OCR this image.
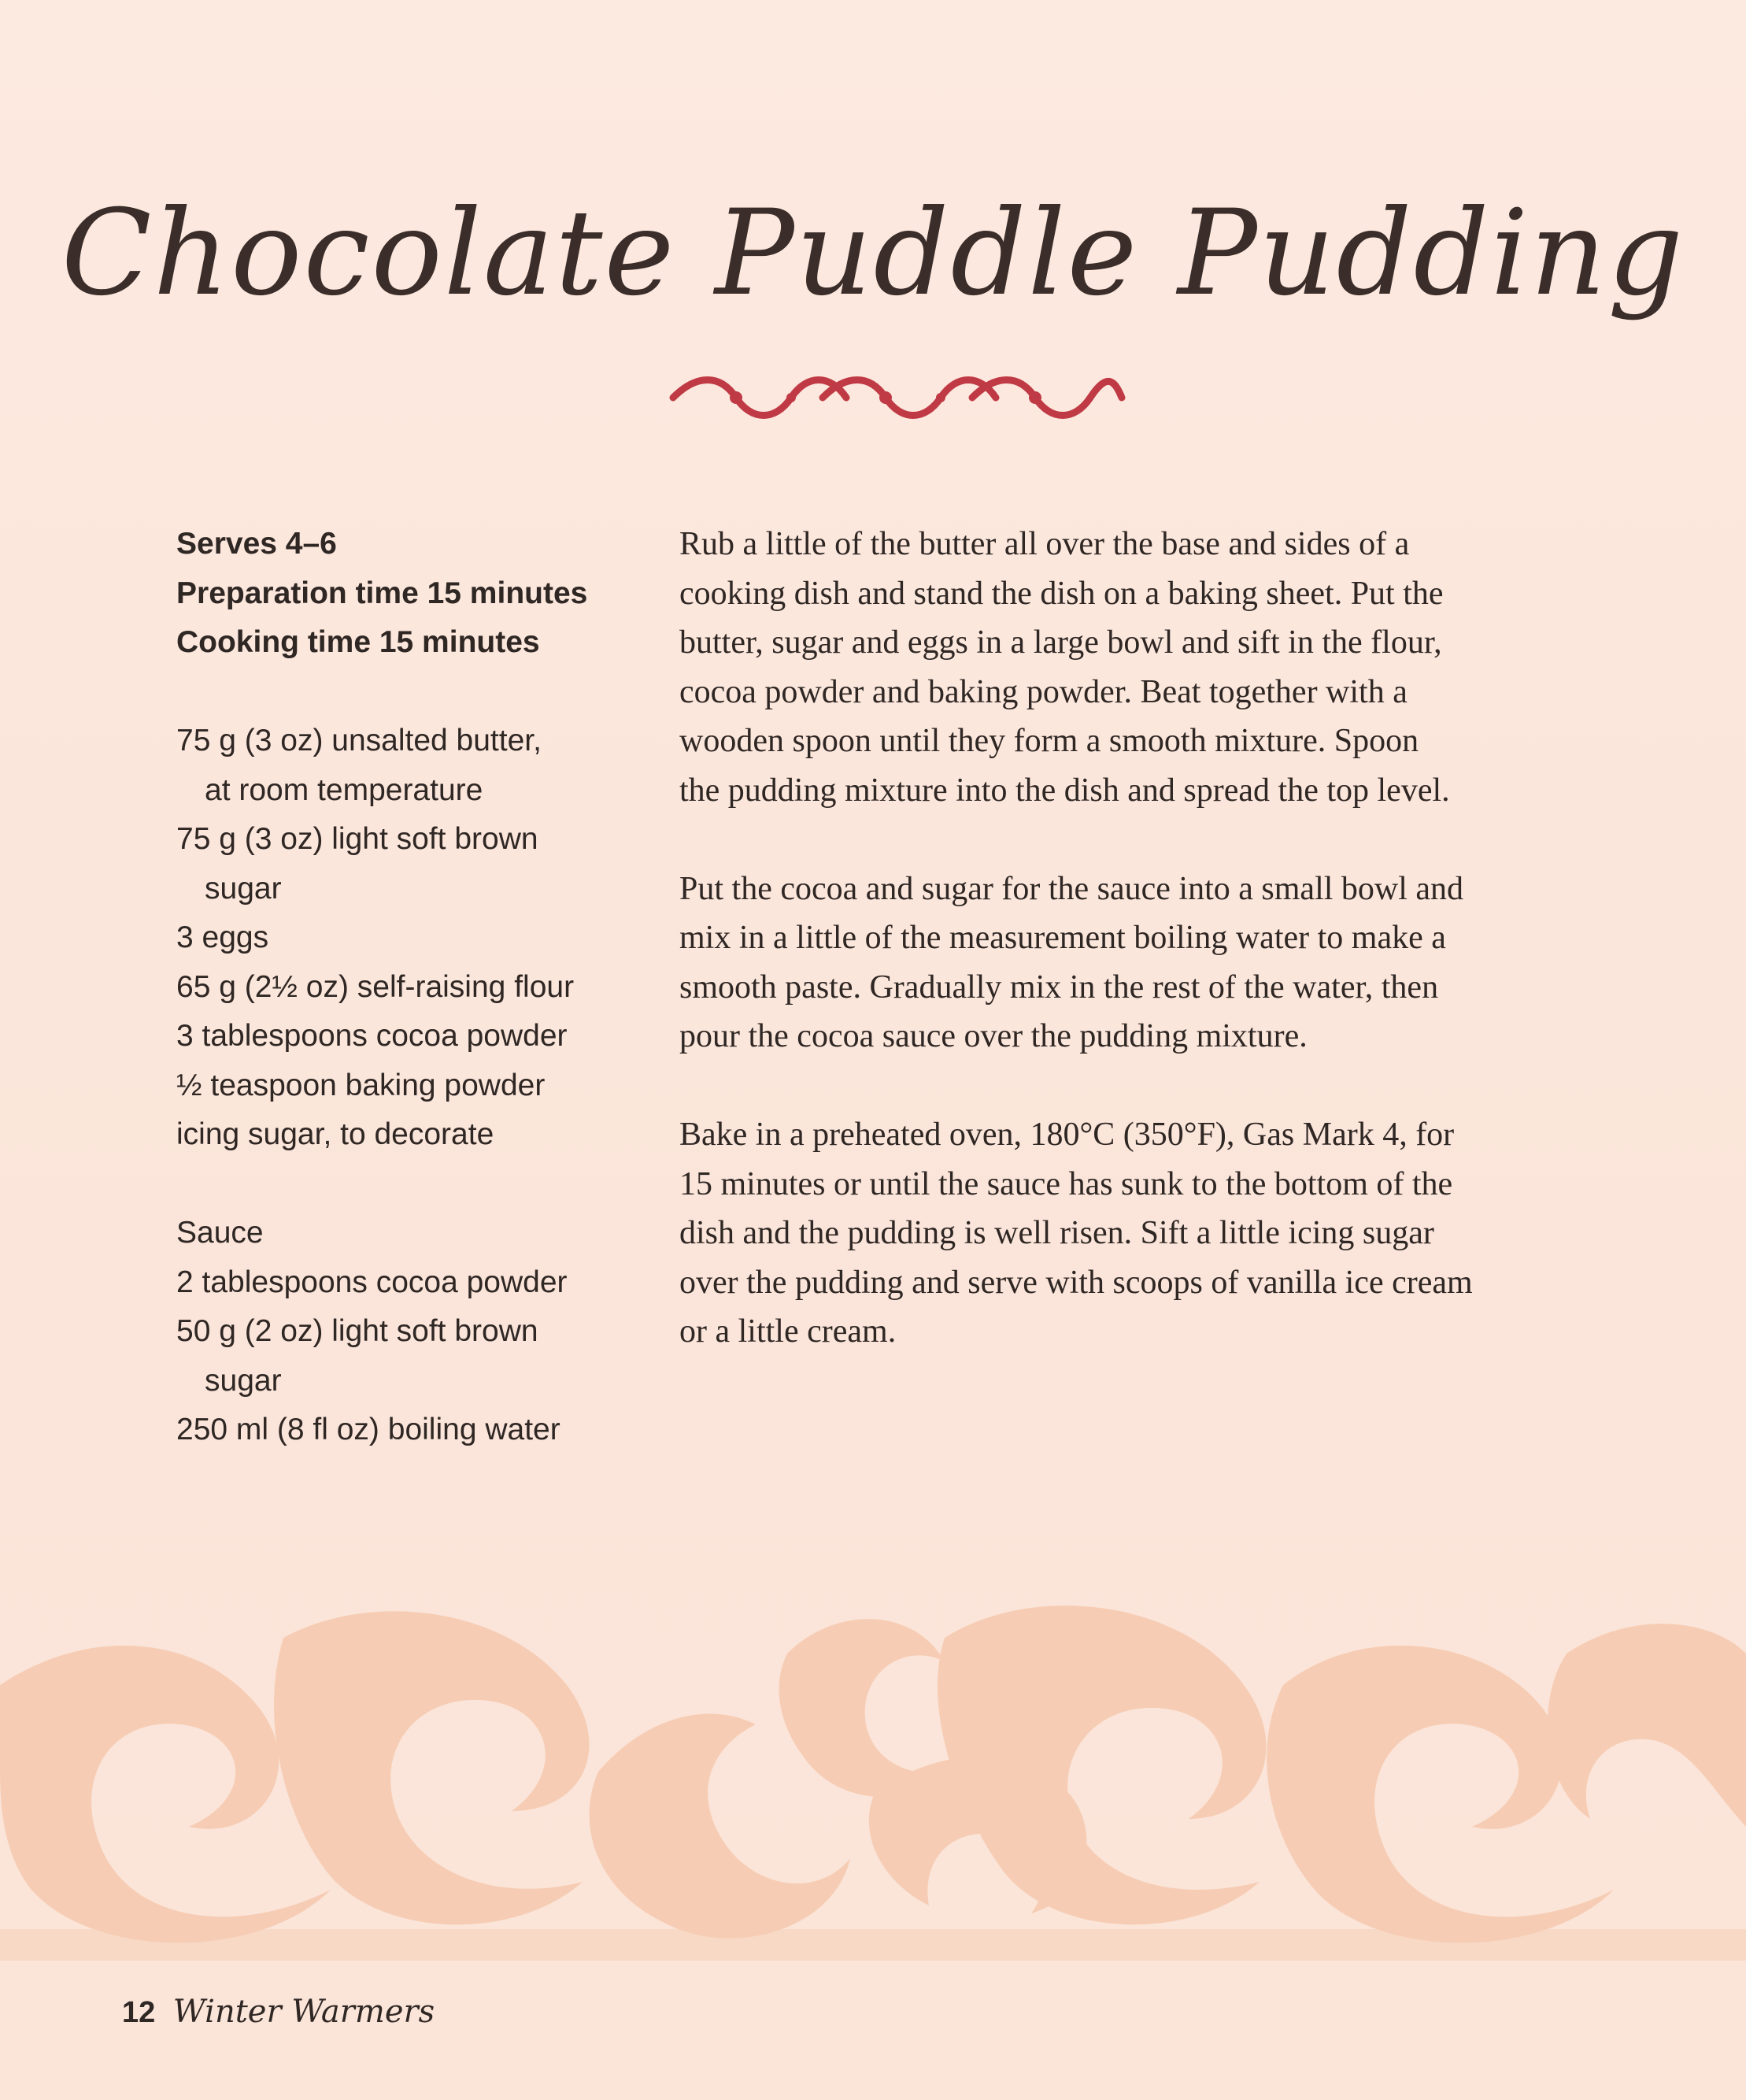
Chocolate Puddle Pudding
Serves 4–6
Preparation time 15 minutes
Cooking time 15 minutes
75 g (3 oz) unsalted butter,
at room temperature
75 g (3 oz) light soft brown
sugar
3 eggs
65 g (2½ oz) self-raising flour
3 tablespoons cocoa powder
½ teaspoon baking powder
icing sugar, to decorate
Sauce
2 tablespoons cocoa powder
50 g (2 oz) light soft brown
sugar
250 ml (8 fl oz) boiling water
Rub a little of the butter all over the base and sides of a
cooking dish and stand the dish on a baking sheet. Put the
butter, sugar and eggs in a large bowl and sift in the flour,
cocoa powder and baking powder. Beat together with a
wooden spoon until they form a smooth mixture. Spoon
the pudding mixture into the dish and spread the top level.
Put the cocoa and sugar for the sauce into a small bowl and
mix in a little of the measurement boiling water to make a
smooth paste. Gradually mix in the rest of the water, then
pour the cocoa sauce over the pudding mixture.
Bake in a preheated oven, 180°C (350°F), Gas Mark 4, for
15 minutes or until the sauce has sunk to the bottom of the
dish and the pudding is well risen. Sift a little icing sugar
over the pudding and serve with scoops of vanilla ice cream
or a little cream.
12 Winter Warmers
